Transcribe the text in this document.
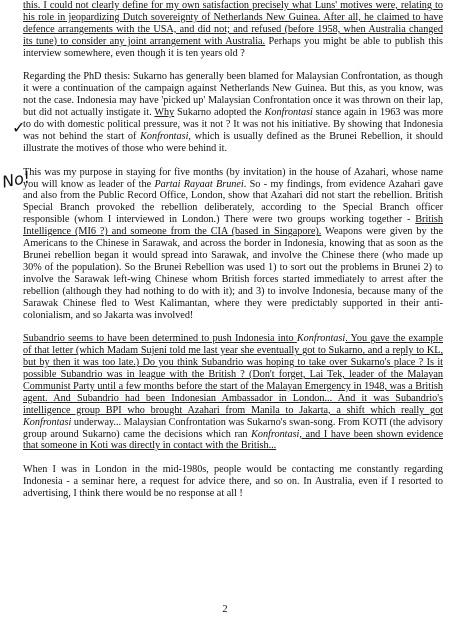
✓
No!

this. I could not clearly define for my own satisfaction precisely what Luns' motives were, relating to his role in jeopardizing Dutch sovereignty of Netherlands New Guinea. After all, he claimed to have defence arrangements with the USA, and did not; and refused (before 1958, when Australia changed its tune) to consider any joint arrangement with Australia. Perhaps you might be able to publish this interview somewhere, even though it is ten years old ?

Regarding the PhD thesis: Sukarno has generally been blamed for Malaysian Confrontation, as though it were a continuation of the campaign against Netherlands New Guinea. But this, as you know, was not the case. Indonesia may have 'picked up' Malaysian Confrontation once it was thrown on their lap, but did not actually instigate it. Why Sukarno adopted the Konfrontasi stance again in 1963 was more to do with domestic political pressure, was it not ? It was not his initiative. By showing that Indonesia was not behind the start of Konfrontasi, which is usually defined as the Brunei Rebellion, it should illustrate the motives of those who were behind it.

This was my purpose in staying for five months (by invitation) in the house of Azahari, whose name you will know as leader of the Partai Rayaat Brunei. So - my findings, from evidence Azahari gave and also from the Public Record Office, London, show that Azahari did not start the rebellion. British Special Branch provoked the rebellion deliberately, according to the Special Branch officer responsible (whom I interviewed in London.) There were two groups working together - British Intelligence (MI6 ?) and someone from the CIA (based in Singapore). Weapons were given by the Americans to the Chinese in Sarawak, and across the border in Indonesia, knowing that as soon as the Brunei rebellion began it would spread into Sarawak, and involve the Chinese there (who made up 30% of the population). So the Brunei Rebellion was used 1) to sort out the problems in Brunei 2) to involve the Sarawak left-wing Chinese whom British forces started immediately to arrest after the rebellion (although they had nothing to do with it); and 3) to involve Indonesia, because many of the Sarawak Chinese fled to West Kalimantan, where they were predictably supported in their anti-colonialism, and so Jakarta was involved!

Subandrio seems to have been determined to push Indonesia into Konfrontasi. You gave the example of that letter (which Madam Sujeni told me last year she eventually got to Sukarno, and a reply to KL, but by then it was too late.) Do you think Subandrio was hoping to take over Sukarno's place ? Is it possible Subandrio was in league with the British ? (Don't forget, Lai Tek, leader of the Malayan Communist Party until a few months before the start of the Malayan Emergency in 1948, was a British agent. And Subandrio had been Indonesian Ambassador in London... And it was Subandrio's intelligence group BPI who brought Azahari from Manila to Jakarta, a shift which really got Konfrontasi underway... Malaysian Confrontation was Sukarno's swan-song. From KOTI (the advisory group around Sukarno) came the decisions which ran Konfrontasi, and I have been shown evidence that someone in Koti was directly in contact with the British...

When I was in London in the mid-1980s, people would be contacting me constantly regarding Indonesia - a seminar here, a request for advice there, and so on. In Australia, even if I resorted to advertising, I think there would be no response at all !

2
